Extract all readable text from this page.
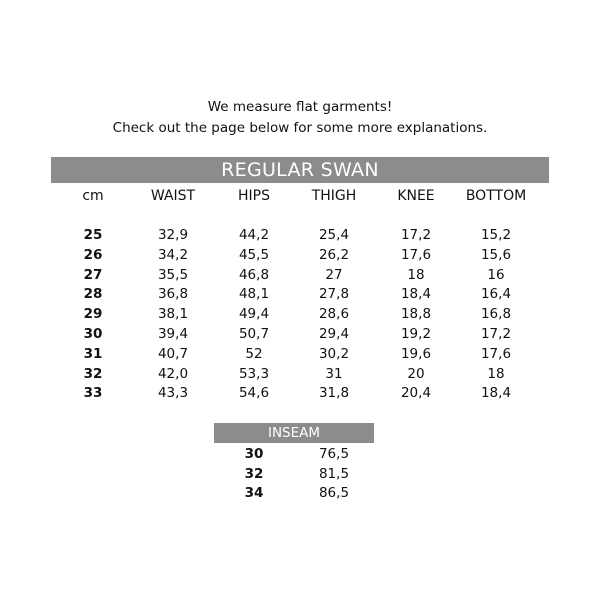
We measure flat garments!
Check out the page below for some more explanations.
REGULAR SWAN
cm	WAIST	HIPS	THIGH	KNEE	BOTTOM
25	32,9	44,2	25,4	17,2	15,2
26	34,2	45,5	26,2	17,6	15,6
27	35,5	46,8	27	18	16
28	36,8	48,1	27,8	18,4	16,4
29	38,1	49,4	28,6	18,8	16,8
30	39,4	50,7	29,4	19,2	17,2
31	40,7	52	30,2	19,6	17,6
32	42,0	53,3	31	20	18
33	43,3	54,6	31,8	20,4	18,4
INSEAM
30	76,5
32	81,5
34	86,5
